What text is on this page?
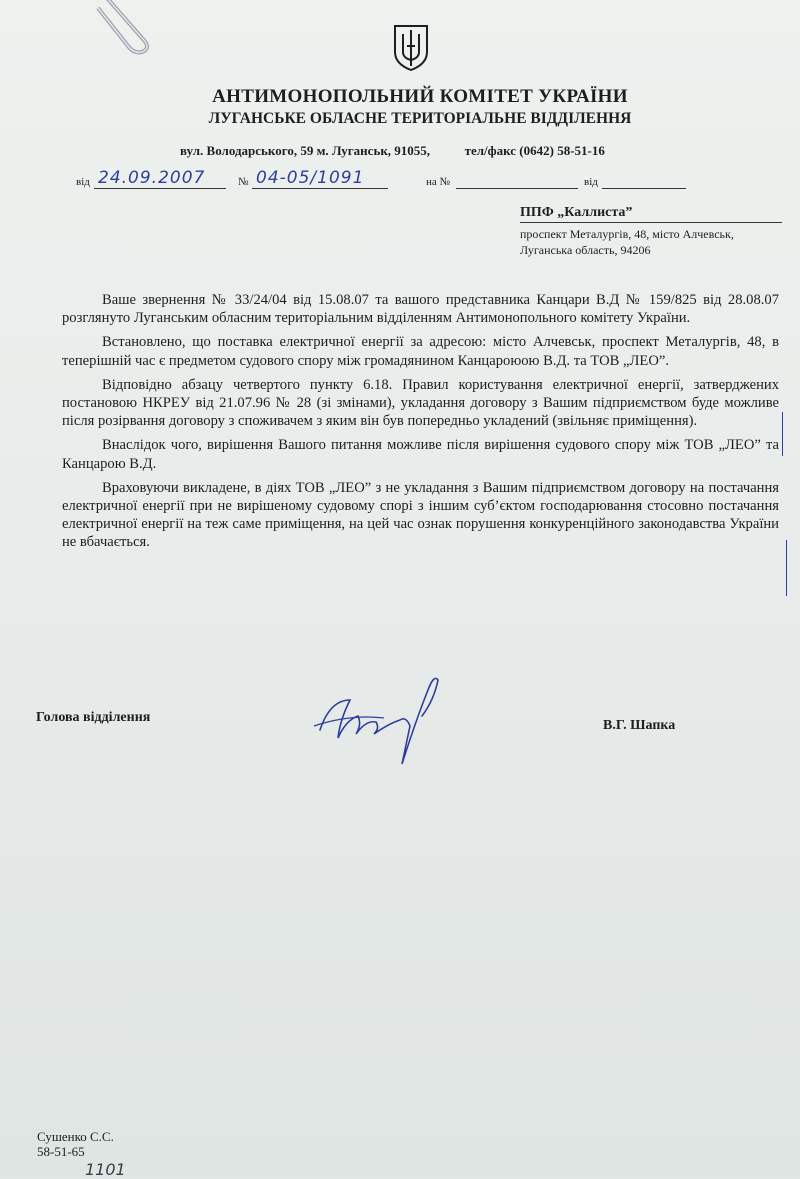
АНТИМОНОПОЛЬНИЙ КОМІТЕТ УКРАЇНИ
ЛУГАНСЬКЕ ОБЛАСНЕ ТЕРИТОРІАЛЬНЕ ВІДДІЛЕННЯ
вул. Володарського, 59 м. Луганськ, 91055,	тел/факс (0642) 58-51-16
від 24.09.2007	№ 04-05/1091	на №	від
ППФ „Каллиста”
проспект Металургів, 48, місто Алчевськ,
Луганська область, 94206

Ваше звернення № 33/24/04 від 15.08.07 та вашого представника Канцари В.Д № 159/825 від 28.08.07 розглянуто Луганським обласним територіальним відділенням Антимонопольного комітету України.

Встановлено, що поставка електричної енергії за адресою: місто Алчевськ, проспект Металургів, 48, в теперішній час є предметом судового спору між громадянином Канцароюою В.Д. та ТОВ „ЛЕО”.

Відповідно абзацу четвертого пункту 6.18. Правил користування електричної енергії, затверджених постановою НКРЕУ від 21.07.96 № 28 (зі змінами), укладання договору з Вашим підприємством буде можливе після розірвання договору з споживачем з яким він був попередньо укладений (звільняє приміщення).

Внаслідок чого, вирішення Вашого питання можливе після вирішення судового спору між ТОВ „ЛЕО” та Канцарою В.Д.

Враховуючи викладене, в діях ТОВ „ЛЕО” з не укладання з Вашим підприємством договору на постачання електричної енергії при не вирішеному судовому спорі з іншим суб’єктом господарювання стосовно постачання електричної енергії на теж саме приміщення, на цей час ознак порушення конкуренційного законодавства України не вбачається.

Голова відділення
В.Г. Шапка
Сушенко С.С.
58-51-65
1101
